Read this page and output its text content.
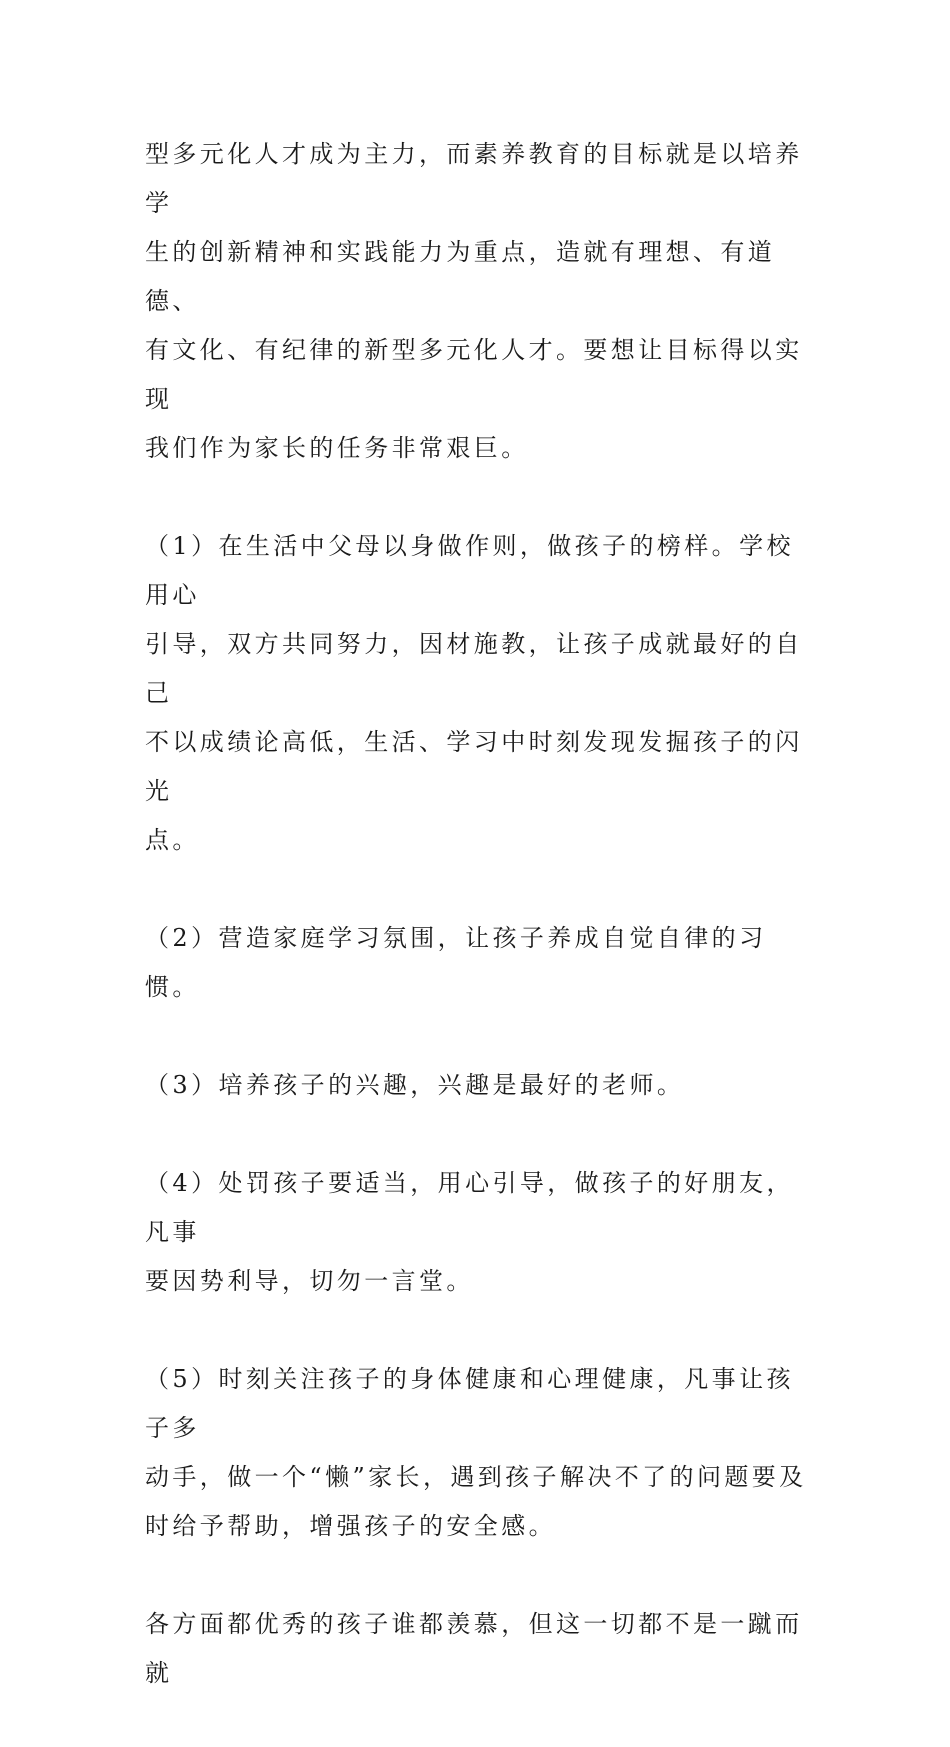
型多元化人才成为主力，而素养教育的目标就是以培养学
生的创新精神和实践能力为重点，造就有理想、有道德、
有文化、有纪律的新型多元化人才。要想让目标得以实现
我们作为家长的任务非常艰巨。

（1）在生活中父母以身做作则，做孩子的榜样。学校用心
引导，双方共同努力，因材施教，让孩子成就最好的自己
不以成绩论高低，生活、学习中时刻发现发掘孩子的闪光
点。

（2）营造家庭学习氛围，让孩子养成自觉自律的习惯。

（3）培养孩子的兴趣，兴趣是最好的老师。

（4）处罚孩子要适当，用心引导，做孩子的好朋友，凡事
要因势利导，切勿一言堂。

（5）时刻关注孩子的身体健康和心理健康，凡事让孩子多
动手，做一个“懒”家长，遇到孩子解决不了的问题要及
时给予帮助，增强孩子的安全感。

各方面都优秀的孩子谁都羡慕，但这一切都不是一蹴而就
